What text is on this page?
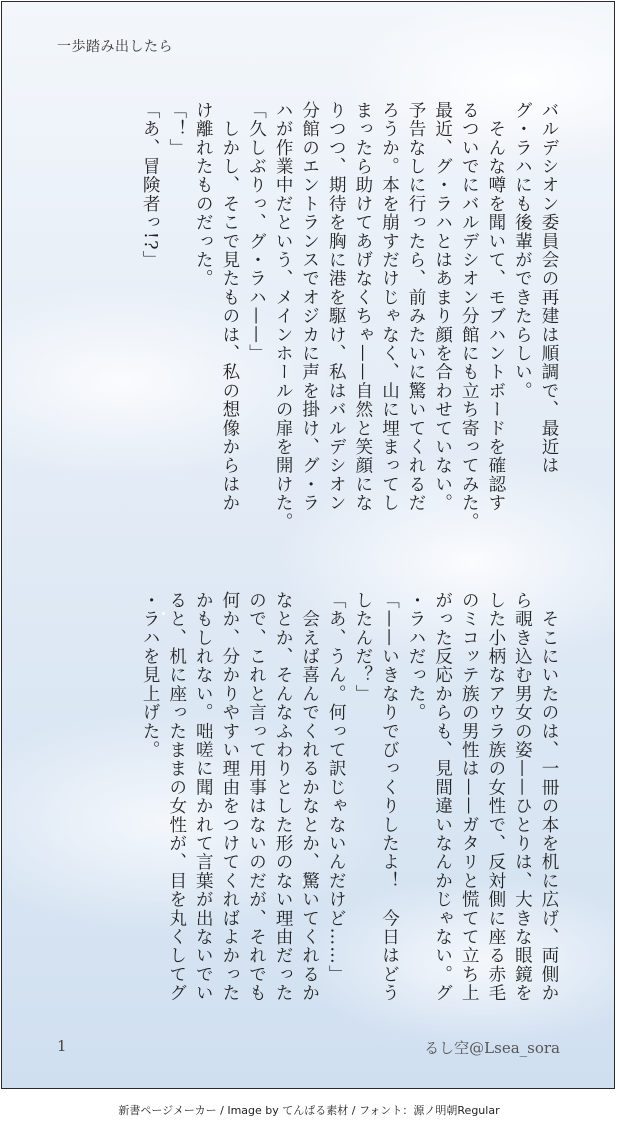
一歩踏み出したら
バルデシオン委員会の再建は順調で、最近は
グ・ラハにも後輩ができたらしい。
　そんな噂を聞いて、モブハントボードを確認す
るついでにバルデシオン分館にも立ち寄ってみた。
最近、グ・ラハとはあまり顔を合わせていない。
予告なしに行ったら、前みたいに驚いてくれるだ
ろうか。本を崩すだけじゃなく、山に埋まってし
まったら助けてあげなくちゃ——自然と笑顔にな
りつつ、期待を胸に港を駆け、私はバルデシオン
分館のエントランスでオジカに声を掛け、グ・ラ
ハが作業中だという、メインホールの扉を開けた。
「久しぶりっ、グ・ラハ——」
　しかし、そこで見たものは、私の想像からはか
け離れたものだった。
「！」
「あ、冒険者っ!?」
　そこにいたのは、一冊の本を机に広げ、両側か
ら覗き込む男女の姿——ひとりは、大きな眼鏡を
した小柄なアウラ族の女性で、反対側に座る赤毛
のミコッテ族の男性は——ガタリと慌てて立ち上
がった反応からも、見間違いなんかじゃない。グ
・ラハだった。
「——いきなりでびっくりしたよ！　今日はどう
したんだ？」
「あ、うん。何って訳じゃないんだけど……」
　会えば喜んでくれるかなとか、驚いてくれるか
なとか、そんなふわりとした形のない理由だった
ので、これと言って用事はないのだが、それでも
何か、分かりやすい理由をつけてくればよかった
かもしれない。咄嗟に聞かれて言葉が出ないでい
ると、机に座ったままの女性が、目を丸くしてグ
・ラハを見上げた。
1	るし空@Lsea_sora
新書ページメーカー / Image by てんぱる素材 / フォント：源ノ明朝Regular
